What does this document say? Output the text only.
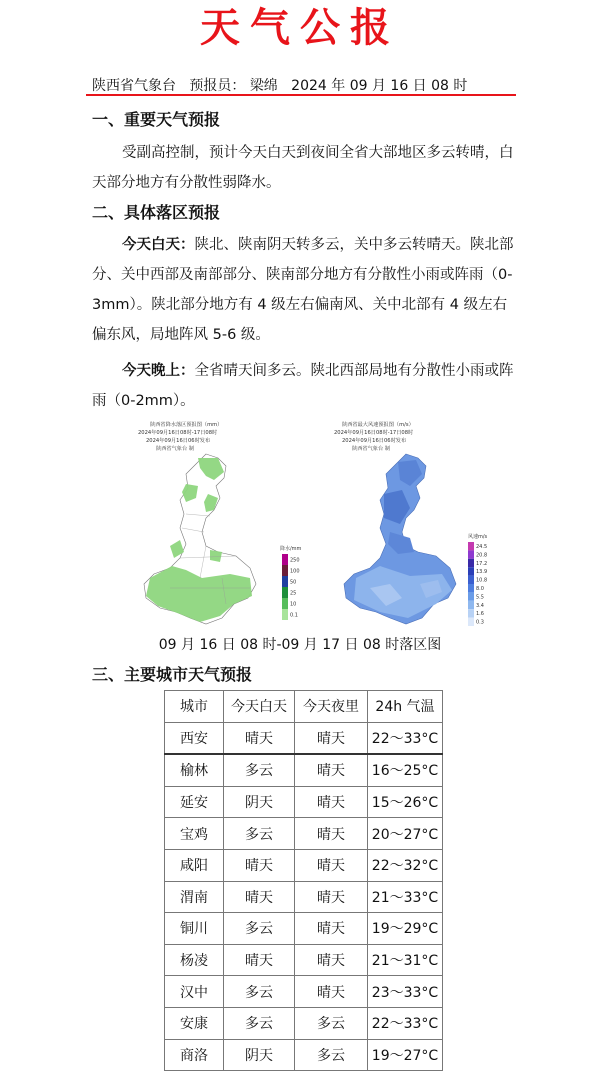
天气公报
陕西省气象台 预报员： 梁绵 2024 年 09 月 16 日 08 时
一、重要天气预报
受副高控制，预计今天白天到夜间全省大部地区多云转晴，白天部分地方有分散性弱降水。
二、具体落区预报
今天白天：陕北、陕南阴天转多云，关中多云转晴天。陕北部分、关中西部及南部部分、陕南部分地方有分散性小雨或阵雨（0-3mm）。陕北部分地方有 4 级左右偏南风、关中北部有 4 级左右偏东风，局地阵风 5-6 级。
今天晚上：全省晴天间多云。陕北西部局地有分散性小雨或阵雨（0-2mm）。
陕西省降水落区预报图（mm）
2024年09月16日08时-17日08时
2024年09月16日06时发布
陕西省气象台 制
降水/mm
250
100
50
25
10
0.1
陕西省最大风速预报图（m/s）
2024年09月16日08时-17日08时
2024年09月16日06时发布
陕西省气象台 制
风速m/s
24.5
20.8
17.2
13.9
10.8
8.0
5.5
3.4
1.6
0.3
09 月 16 日 08 时-09 月 17 日 08 时落区图
三、主要城市天气预报
城市	今天白天	今天夜里	24h 气温
西安	晴天	晴天	22～33°C
榆林	多云	晴天	16～25°C
延安	阴天	晴天	15～26°C
宝鸡	多云	晴天	20～27°C
咸阳	晴天	晴天	22～32°C
渭南	晴天	晴天	21～33°C
铜川	多云	晴天	19～29°C
杨凌	晴天	晴天	21～31°C
汉中	多云	晴天	23～33°C
安康	多云	多云	22～33°C
商洛	阴天	多云	19～27°C
